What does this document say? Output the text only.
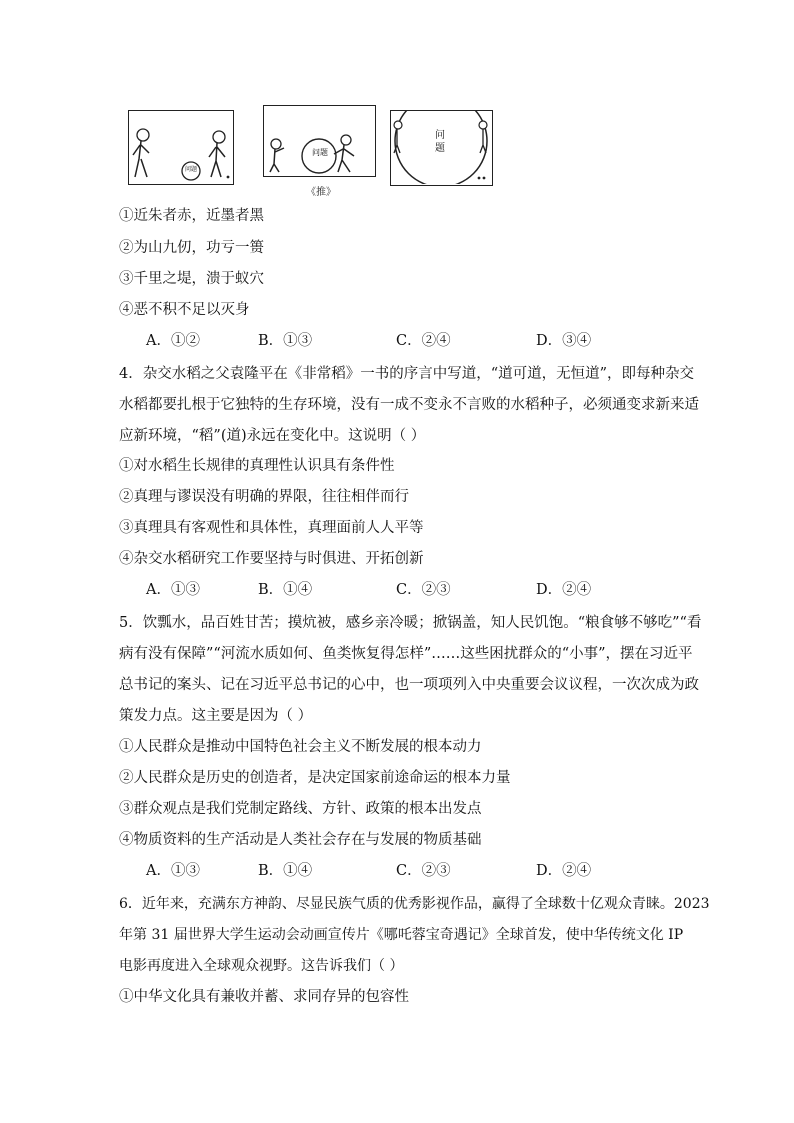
问题
问题
《推》
问题
①近朱者赤，近墨者黑
②为山九仞，功亏一篑
③千里之堤，溃于蚁穴
④恶不积不足以灭身
A．①②	B．①③	C．②④	D．③④
4．杂交水稻之父袁隆平在《非常稻》一书的序言中写道，“道可道，无恒道”，即每种杂交
水稻都要扎根于它独特的生存环境，没有一成不变永不言败的水稻种子，必须通变求新来适
应新环境，“稻”(道)永远在变化中。这说明（ ）
①对水稻生长规律的真理性认识具有条件性
②真理与谬误没有明确的界限，往往相伴而行
③真理具有客观性和具体性，真理面前人人平等
④杂交水稻研究工作要坚持与时俱进、开拓创新
A．①③	B．①④	C．②③	D．②④
5．饮瓢水，品百姓甘苦；摸炕被，感乡亲冷暖；掀锅盖，知人民饥饱。“粮食够不够吃”“看
病有没有保障”“河流水质如何、鱼类恢复得怎样”……这些困扰群众的“小事”，摆在习近平
总书记的案头、记在习近平总书记的心中，也一项项列入中央重要会议议程，一次次成为政
策发力点。这主要是因为（ ）
①人民群众是推动中国特色社会主义不断发展的根本动力
②人民群众是历史的创造者，是决定国家前途命运的根本力量
③群众观点是我们党制定路线、方针、政策的根本出发点
④物质资料的生产活动是人类社会存在与发展的物质基础
A．①③	B．①④	C．②③	D．②④
6．近年来，充满东方神韵、尽显民族气质的优秀影视作品，赢得了全球数十亿观众青睐。2023
年第 31 届世界大学生运动会动画宣传片《哪吒蓉宝奇遇记》全球首发，使中华传统文化 IP
电影再度进入全球观众视野。这告诉我们（ ）
①中华文化具有兼收并蓄、求同存异的包容性
